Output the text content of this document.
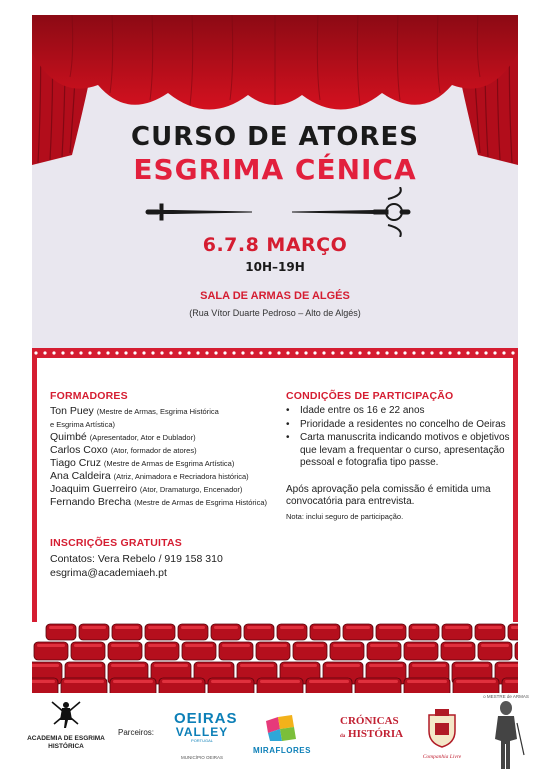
CURSO DE ATORES
ESGRIMA CÉNICA
6.7.8 MARÇO
10H–19H
SALA DE ARMAS DE ALGÉS
(Rua Vítor Duarte Pedroso – Alto de Algés)
FORMADORES
Ton Puey (Mestre de Armas, Esgrima Histórica
e Esgrima Artística)
Quimbé (Apresentador, Ator e Dublador)
Carlos Coxo (Ator, formador de atores)
Tiago Cruz (Mestre de Armas de Esgrima Artística)
Ana Caldeira (Atriz, Animadora e Recriadora histórica)
Joaquim Guerreiro (Ator, Dramaturgo, Encenador)
Fernando Brecha (Mestre de Armas de Esgrima Histórica)
INSCRIÇÕES GRATUITAS
Contatos: Vera Rebelo / 919 158 310
esgrima@academiaeh.pt
CONDIÇÕES DE PARTICIPAÇÃO
• Idade entre os 16 e 22 anos
• Prioridade a residentes no concelho de Oeiras
• Carta manuscrita indicando motivos e objetivos que levam a frequentar o curso, apresentação pessoal e fotografia tipo passe.
Após aprovação pela comissão é emitida uma convocatória para entrevista.
Nota: inclui seguro de participação.
ACADEMIA DE ESGRIMA HISTÓRICA
Parceiros:
OEIRAS
VALLEY
PORTUGAL
MUNICÍPIO OEIRAS
MIRAFLORES
CRÓNICAS
da HISTÓRIA
Companhia Livre
o MESTRE de ARMAS
